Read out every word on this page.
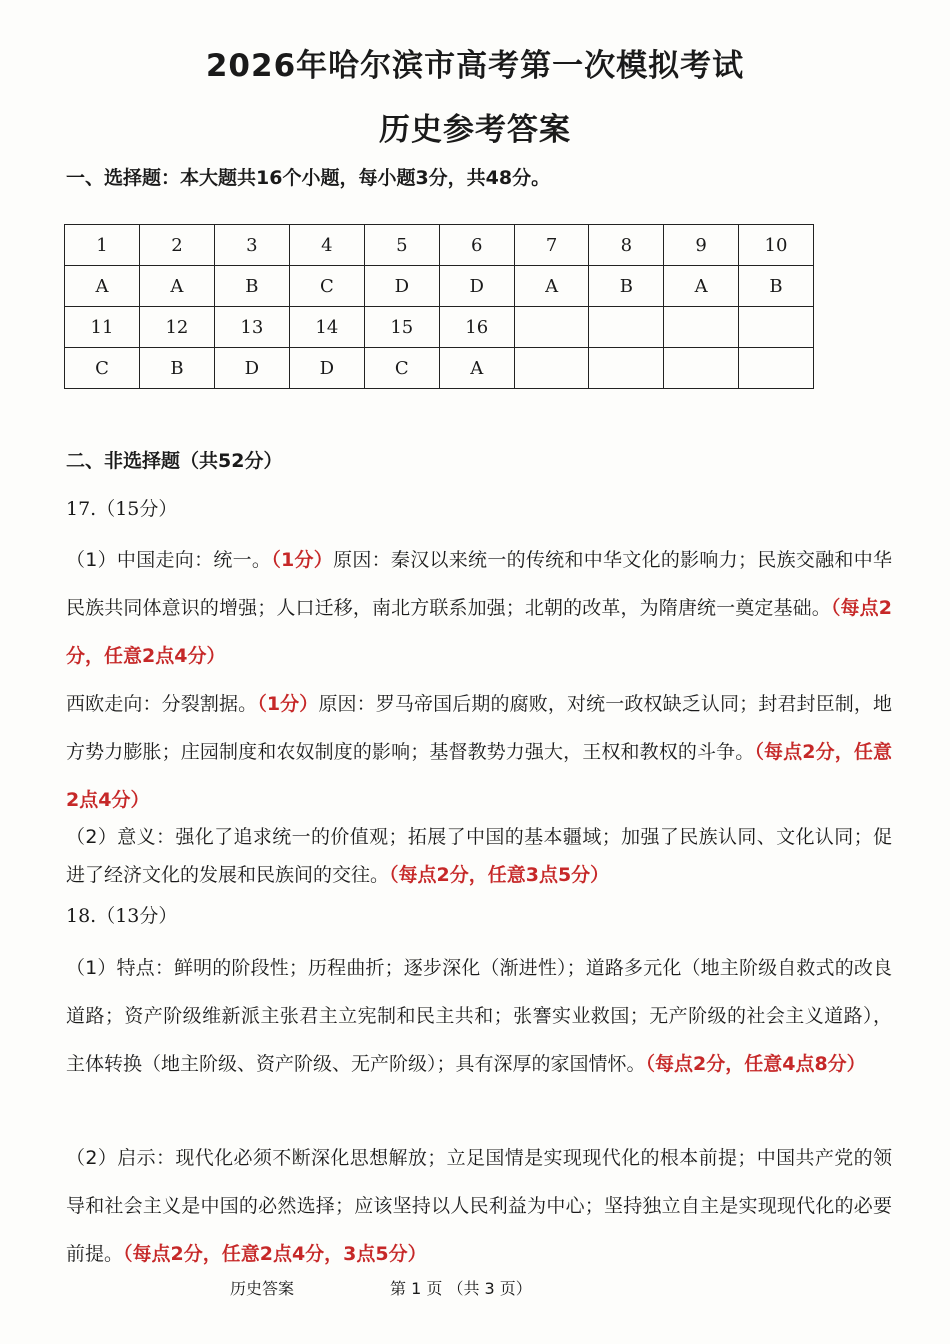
2026年哈尔滨市高考第一次模拟考试
历史参考答案
一、选择题：本大题共16个小题，每小题3分，共48分。
1	2	3	4	5	6	7	8	9	10
A	A	B	C	D	D	A	B	A	B
11	12	13	14	15	16				
C	B	D	D	C	A				
二、非选择题（共52分）
17.（15分）
（1）中国走向：统一。（1分）原因：秦汉以来统一的传统和中华文化的影响力；民族交融和中华民族共同体意识的增强；人口迁移，南北方联系加强；北朝的改革，为隋唐统一奠定基础。（每点2分，任意2点4分）
西欧走向：分裂割据。（1分）原因：罗马帝国后期的腐败，对统一政权缺乏认同；封君封臣制，地方势力膨胀；庄园制度和农奴制度的影响；基督教势力强大，王权和教权的斗争。（每点2分，任意2点4分）
（2）意义：强化了追求统一的价值观；拓展了中国的基本疆域；加强了民族认同、文化认同；促进了经济文化的发展和民族间的交往。（每点2分，任意3点5分）
18.（13分）
（1）特点：鲜明的阶段性；历程曲折；逐步深化（渐进性）；道路多元化（地主阶级自救式的改良道路；资产阶级维新派主张君主立宪制和民主共和；张謇实业救国；无产阶级的社会主义道路），主体转换（地主阶级、资产阶级、无产阶级）；具有深厚的家国情怀。（每点2分，任意4点8分）
（2）启示：现代化必须不断深化思想解放；立足国情是实现现代化的根本前提；中国共产党的领导和社会主义是中国的必然选择；应该坚持以人民利益为中心；坚持独立自主是实现现代化的必要前提。（每点2分，任意2点4分，3点5分）
历史答案	第 1 页 （共 3 页）
